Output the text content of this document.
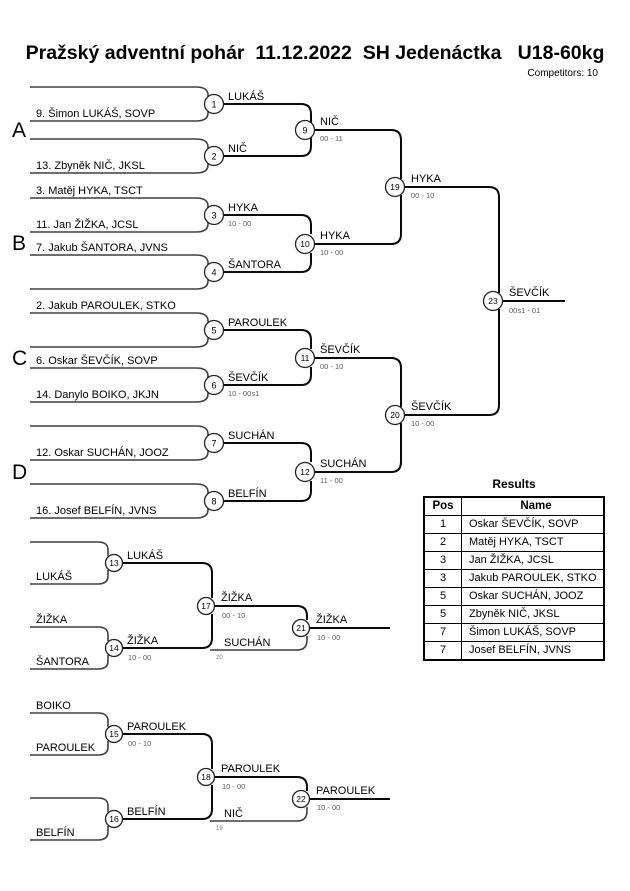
Pražský adventní pohár  11.12.2022  SH Jedenáctka   U18-60kg
Competitors: 10
A
B
C
D
9. Šimon LUKÁŠ, SOVP
13. Zbyněk NIČ, JKSL
3. Matěj HYKA, TSCT
11. Jan ŽIŽKA, JCSL
7. Jakub ŠANTORA, JVNS
2. Jakub PAROULEK, STKO
6. Oskar ŠEVČÍK, SOVP
14. Danylo BOIKO, JKJN
12. Oskar SUCHÁN, JOOZ
16. Josef BELFÍN, JVNS
LUKÁŠ
NIČ
HYKA
10 - 00
ŠANTORA
PAROULEK
ŠEVČÍK
10 - 00s1
SUCHÁN
BELFÍN
NIČ
00 - 11
HYKA
10 - 00
ŠEVČÍK
00 - 10
SUCHÁN
11 - 00
HYKA
00 - 10
ŠEVČÍK
10 - 00
ŠEVČÍK
00s1 - 01
1
2
3
4
5
6
7
8
9
10
11
12
19
20
23
LUKÁŠ
ŽIŽKA
ŠANTORA
LUKÁŠ
ŽIŽKA
10 - 00
ŽIŽKA
00 - 10
SUCHÁN
20
ŽIŽKA
10 - 00
13
14
17
21
BOIKO
PAROULEK
BELFÍN
PAROULEK
00 - 10
BELFÍN
PAROULEK
10 - 00
NIČ
19
PAROULEK
10 - 00
15
16
18
22
Results
Pos	Name
1	Oskar ŠEVČÍK, SOVP
2	Matěj HYKA, TSCT
3	Jan ŽIŽKA, JCSL
3	Jakub PAROULEK, STKO
5	Oskar SUCHÁN, JOOZ
5	Zbyněk NIČ, JKSL
7	Šimon LUKÁŠ, SOVP
7	Josef BELFÍN, JVNS
